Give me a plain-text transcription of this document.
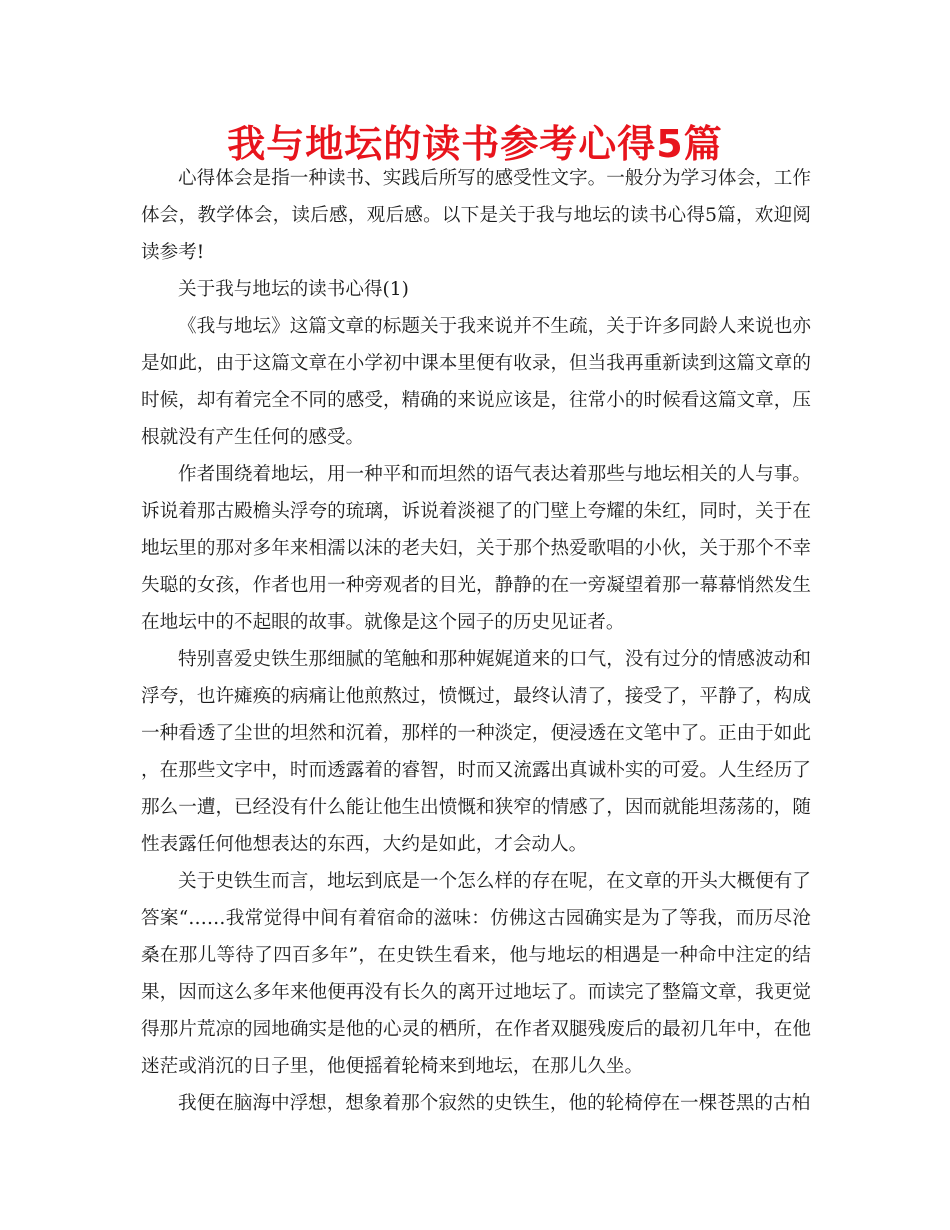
我与地坛的读书参考心得5篇

心得体会是指一种读书、实践后所写的感受性文字。一般分为学习体会，工作体会，教学体会，读后感，观后感。以下是关于我与地坛的读书心得5篇，欢迎阅读参考!

关于我与地坛的读书心得(1)

《我与地坛》这篇文章的标题关于我来说并不生疏，关于许多同龄人来说也亦是如此，由于这篇文章在小学初中课本里便有收录，但当我再重新读到这篇文章的时候，却有着完全不同的感受，精确的来说应该是，往常小的时候看这篇文章，压根就没有产生任何的感受。

作者围绕着地坛，用一种平和而坦然的语气表达着那些与地坛相关的人与事。诉说着那古殿檐头浮夸的琉璃，诉说着淡褪了的门壁上夸耀的朱红，同时，关于在地坛里的那对多年来相濡以沫的老夫妇，关于那个热爱歌唱的小伙，关于那个不幸失聪的女孩，作者也用一种旁观者的目光，静静的在一旁凝望着那一幕幕悄然发生在地坛中的不起眼的故事。就像是这个园子的历史见证者。

特别喜爱史铁生那细腻的笔触和那种娓娓道来的口气，没有过分的情感波动和浮夸，也许瘫痪的病痛让他煎熬过，愤慨过，最终认清了，接受了，平静了，构成一种看透了尘世的坦然和沉着，那样的一种淡定，便浸透在文笔中了。正由于如此，在那些文字中，时而透露着的睿智，时而又流露出真诚朴实的可爱。人生经历了那么一遭，已经没有什么能让他生出愤慨和狭窄的情感了，因而就能坦荡荡的，随性表露任何他想表达的东西，大约是如此，才会动人。

关于史铁生而言，地坛到底是一个怎么样的存在呢，在文章的开头大概便有了答案“……我常觉得中间有着宿命的滋味：仿佛这古园确实是为了等我，而历尽沧桑在那儿等待了四百多年”，在史铁生看来，他与地坛的相遇是一种命中注定的结果，因而这么多年来他便再没有长久的离开过地坛了。而读完了整篇文章，我更觉得那片荒凉的园地确实是他的心灵的栖所，在作者双腿残废后的最初几年中，在他迷茫或消沉的日子里，他便摇着轮椅来到地坛，在那儿久坐。

我便在脑海中浮想，想象着那个寂然的史铁生，他的轮椅停在一棵苍黑的古柏
